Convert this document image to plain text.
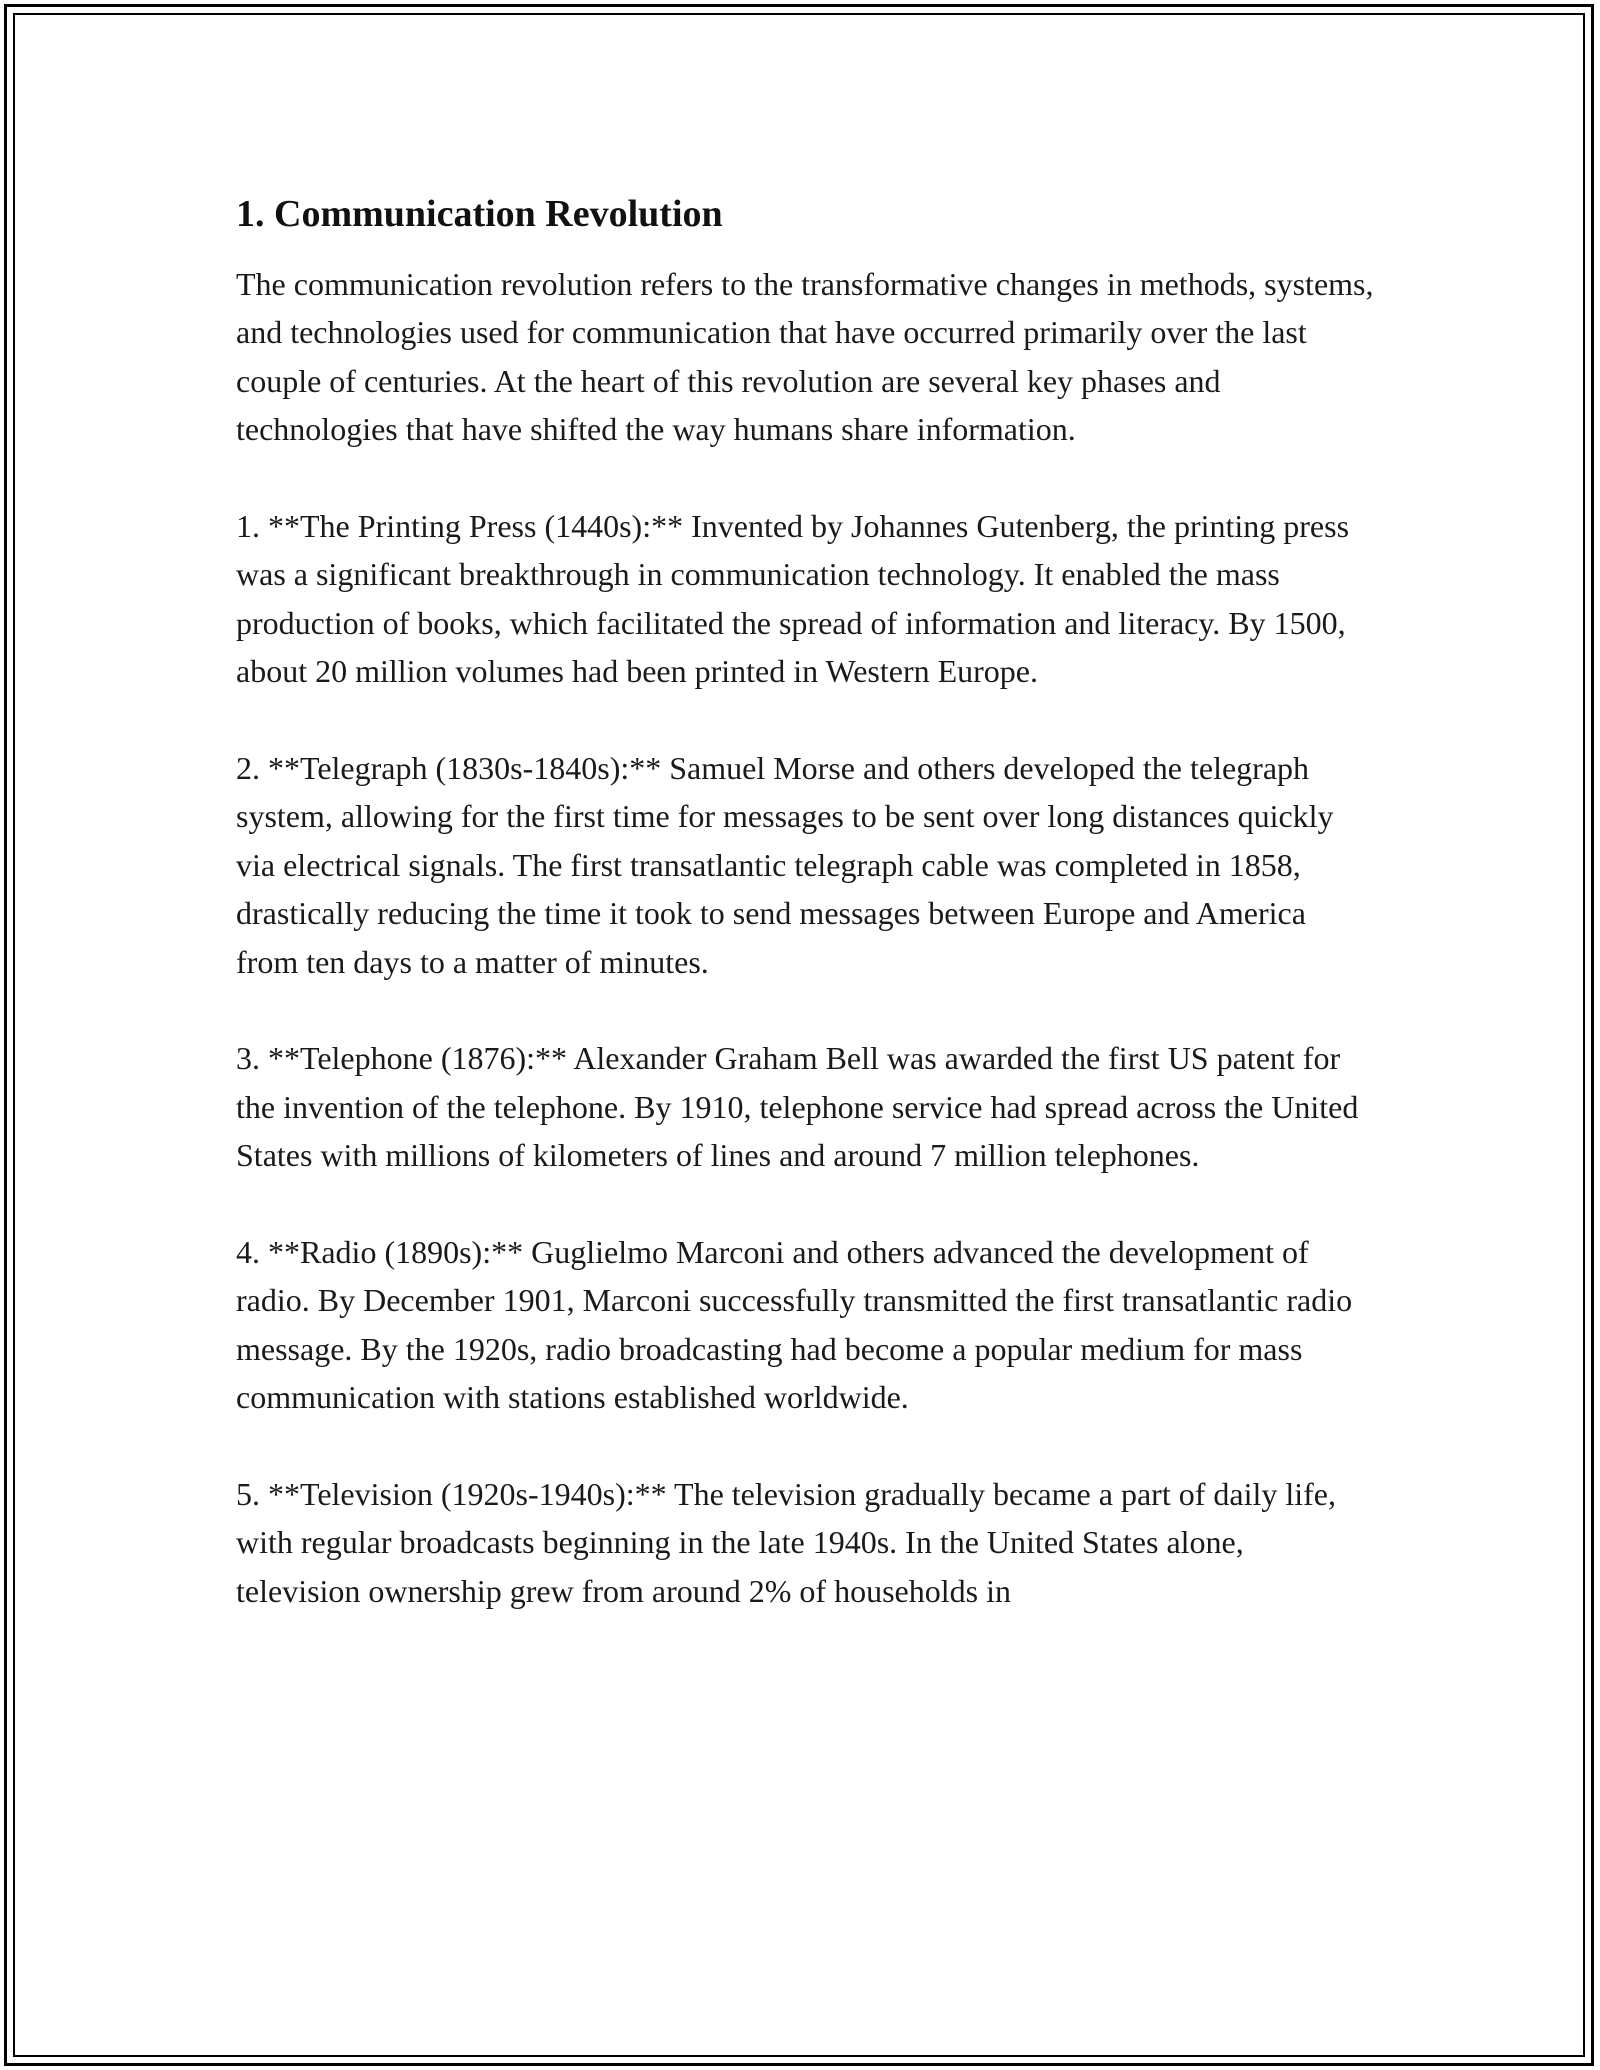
1. Communication Revolution

The communication revolution refers to the transformative changes in methods, systems, and technologies used for communication that have occurred primarily over the last couple of centuries. At the heart of this revolution are several key phases and technologies that have shifted the way humans share information.

1. **The Printing Press (1440s):** Invented by Johannes Gutenberg, the printing press was a significant breakthrough in communication technology. It enabled the mass production of books, which facilitated the spread of information and literacy. By 1500, about 20 million volumes had been printed in Western Europe.

2. **Telegraph (1830s-1840s):** Samuel Morse and others developed the telegraph system, allowing for the first time for messages to be sent over long distances quickly via electrical signals. The first transatlantic telegraph cable was completed in 1858, drastically reducing the time it took to send messages between Europe and America from ten days to a matter of minutes.

3. **Telephone (1876):** Alexander Graham Bell was awarded the first US patent for the invention of the telephone. By 1910, telephone service had spread across the United States with millions of kilometers of lines and around 7 million telephones.

4. **Radio (1890s):** Guglielmo Marconi and others advanced the development of radio. By December 1901, Marconi successfully transmitted the first transatlantic radio message. By the 1920s, radio broadcasting had become a popular medium for mass communication with stations established worldwide.

5. **Television (1920s-1940s):** The television gradually became a part of daily life, with regular broadcasts beginning in the late 1940s. In the United States alone, television ownership grew from around 2% of households in
